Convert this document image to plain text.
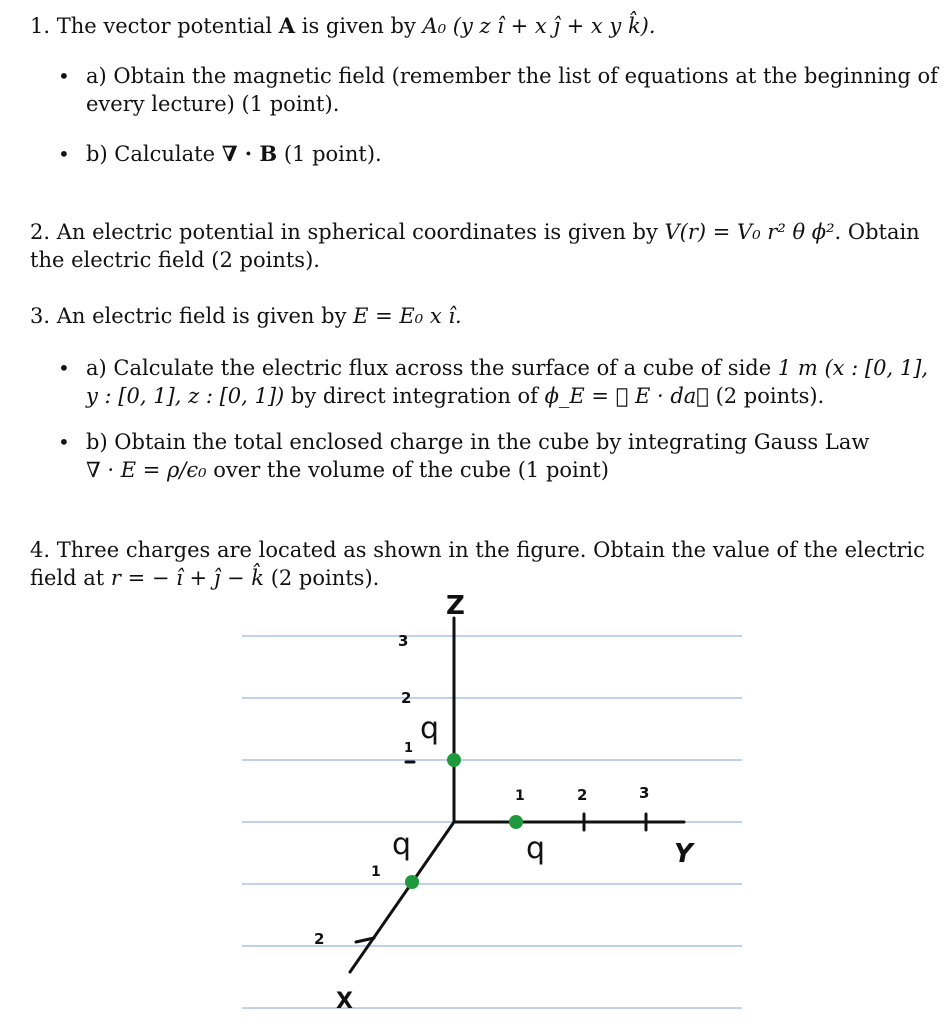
1. The vector potential A is given by A₀ (y z î + x ĵ + x y k̂).
• a) Obtain the magnetic field (remember the list of equations at the beginning of
every lecture) (1 point).
• b) Calculate ∇ · B (1 point).
2. An electric potential in spherical coordinates is given by V(r) = V₀ r² θ ϕ². Obtain
the electric field (2 points).
3. An electric field is given by E = E₀ x î.
• a) Calculate the electric flux across the surface of a cube of side 1 m (x : [0, 1],
y : [0, 1], z : [0, 1]) by direct integration of ϕ_E = ∯ E · da⃗ (2 points).
• b) Obtain the total enclosed charge in the cube by integrating Gauss Law
∇ · E = ρ/ϵ₀ over the volume of the cube (1 point)
4. Three charges are located as shown in the figure. Obtain the value of the electric
field at r = − î + ĵ − k̂ (2 points).
Z
Y
X
3
2
1
1	2	3
1
2
q
q
q
